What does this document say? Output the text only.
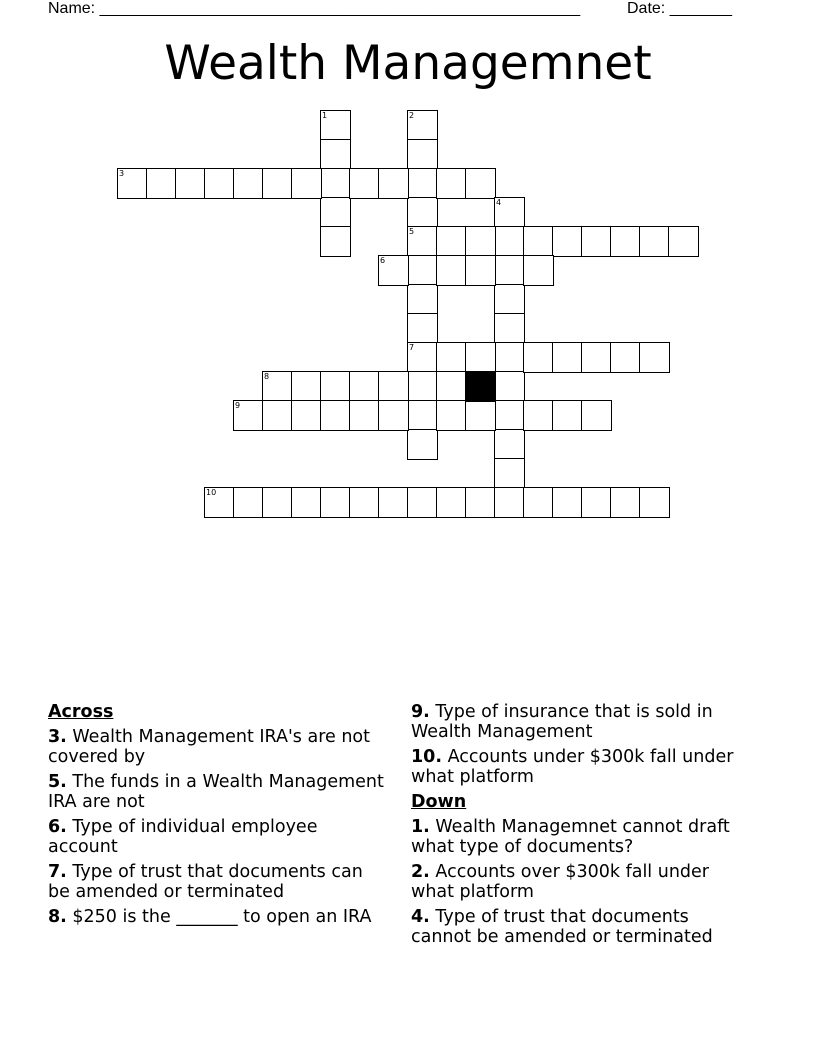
Name: ______________________________________________________	Date: _______
Wealth Managemnet
1	2
5
7
3
4
6
8
9
10
Across
3. Wealth Management IRA's are not covered by
5. The funds in a Wealth Management IRA are not
6. Type of individual employee account
7. Type of trust that documents can be amended or terminated
8. $250 is the _______ to open an IRA
9. Type of insurance that is sold in Wealth Management
10. Accounts under $300k fall under what platform
Down
1. Wealth Managemnet cannot draft what type of documents?
2. Accounts over $300k fall under what platform
4. Type of trust that documents cannot be amended or terminated
